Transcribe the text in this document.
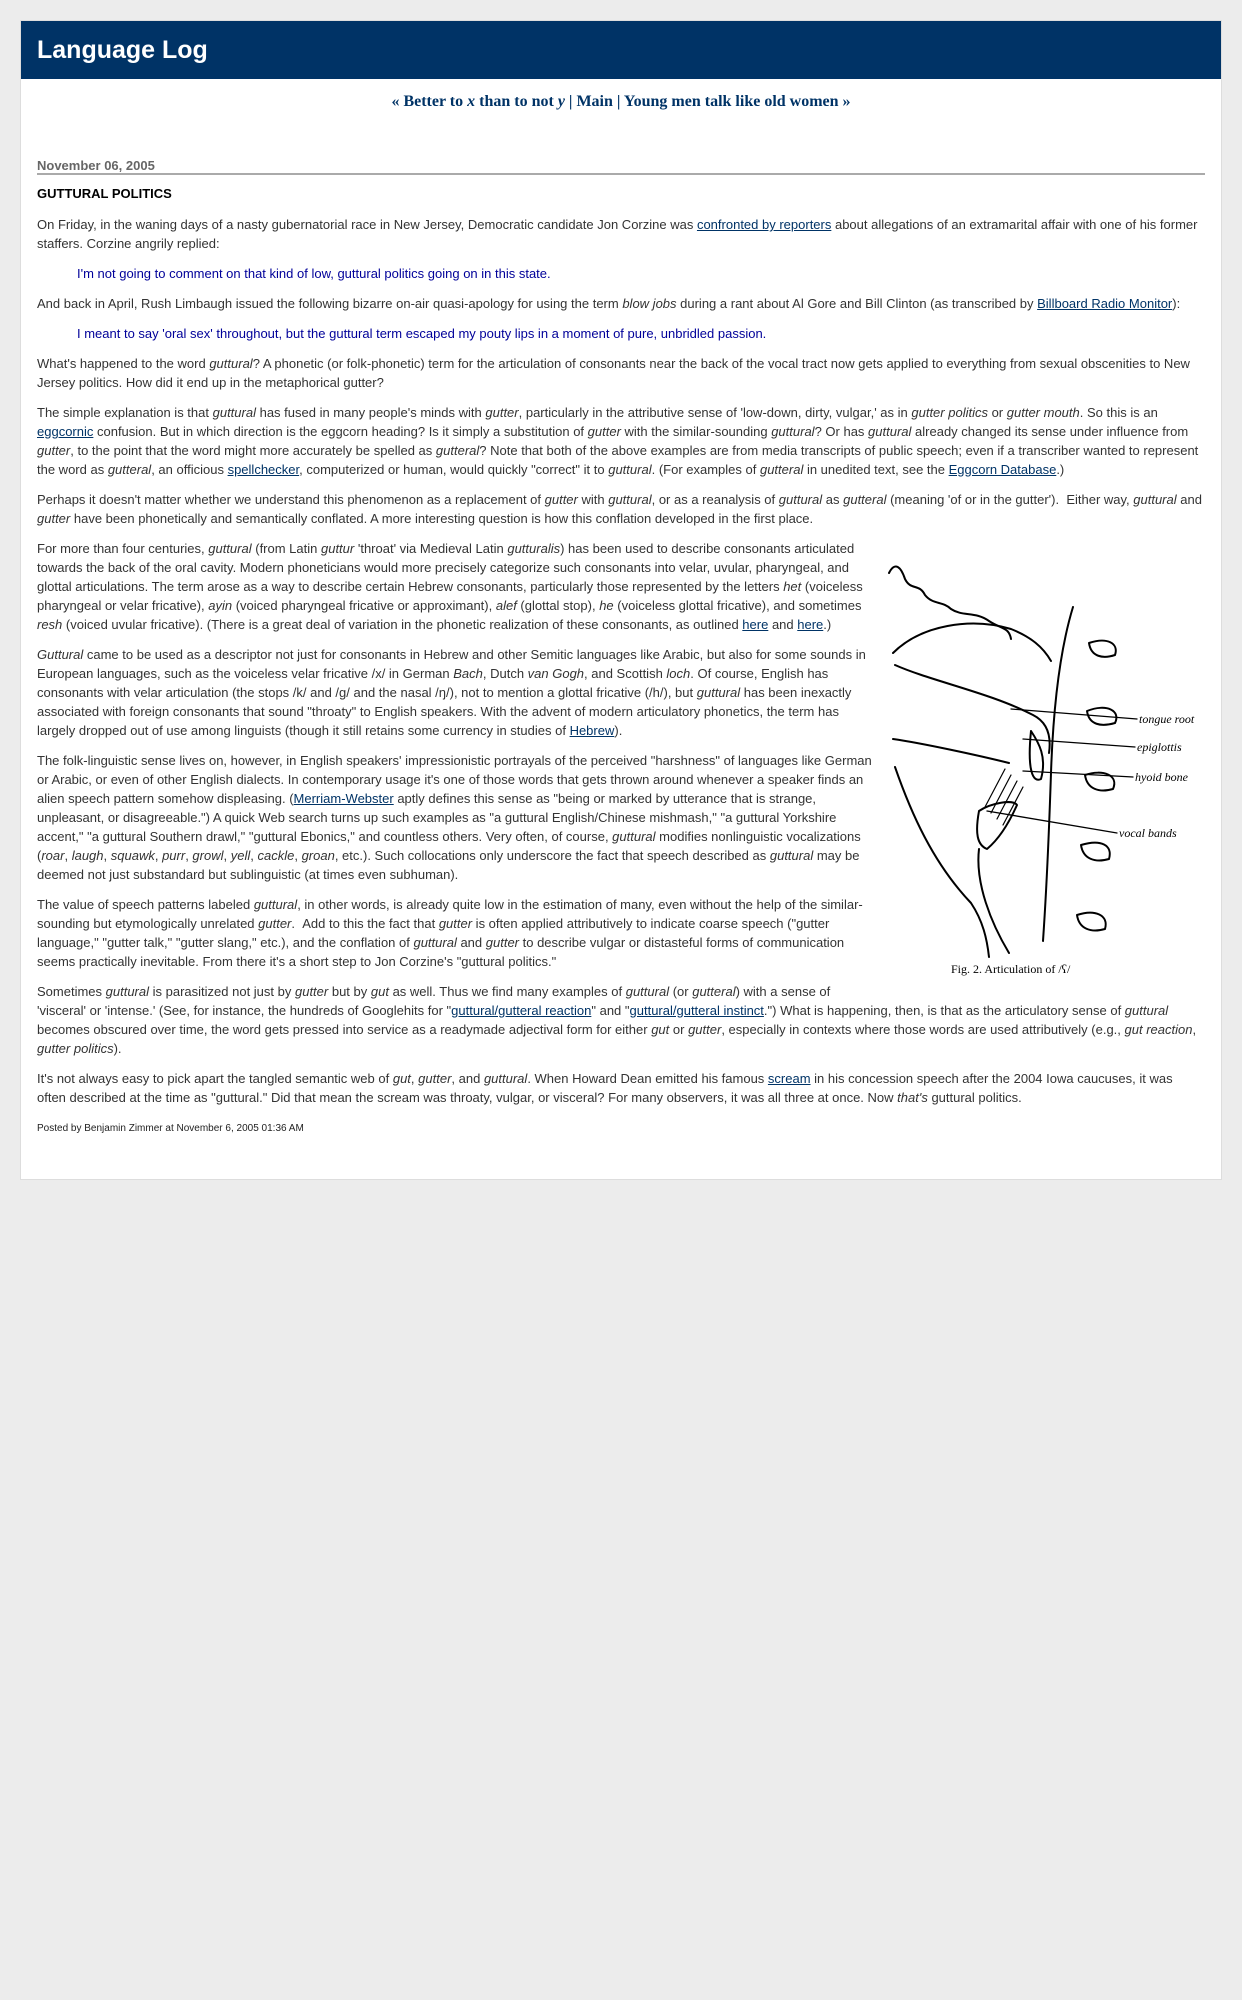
Language Log
« Better to x than to not y | Main | Young men talk like old women »
November 06, 2005
GUTTURAL POLITICS

On Friday, in the waning days of a nasty gubernatorial race in New Jersey, Democratic candidate Jon Corzine was confronted by reporters about allegations of an extramarital affair with one of his former staffers. Corzine angrily replied:

I'm not going to comment on that kind of low, guttural politics going on in this state.

And back in April, Rush Limbaugh issued the following bizarre on-air quasi-apology for using the term blow jobs during a rant about Al Gore and Bill Clinton (as transcribed by Billboard Radio Monitor):

I meant to say 'oral sex' throughout, but the guttural term escaped my pouty lips in a moment of pure, unbridled passion.

What's happened to the word guttural? A phonetic (or folk-phonetic) term for the articulation of consonants near the back of the vocal tract now gets applied to everything from sexual obscenities to New Jersey politics. How did it end up in the metaphorical gutter?

The simple explanation is that guttural has fused in many people's minds with gutter, particularly in the attributive sense of 'low-down, dirty, vulgar,' as in gutter politics or gutter mouth. So this is an eggcornic confusion. But in which direction is the eggcorn heading? Is it simply a substitution of gutter with the similar-sounding guttural? Or has guttural already changed its sense under influence from gutter, to the point that the word might more accurately be spelled as gutteral? Note that both of the above examples are from media transcripts of public speech; even if a transcriber wanted to represent the word as gutteral, an officious spellchecker, computerized or human, would quickly "correct" it to guttural. (For examples of gutteral in unedited text, see the Eggcorn Database.)

Perhaps it doesn't matter whether we understand this phenomenon as a replacement of gutter with guttural, or as a reanalysis of guttural as gutteral (meaning 'of or in the gutter').  Either way, guttural and gutter have been phonetically and semantically conflated. A more interesting question is how this conflation developed in the first place.

tongue root
epiglottis
hyoid bone
vocal bands
Fig. 2. Articulation of /ʕ/

For more than four centuries, guttural (from Latin guttur 'throat' via Medieval Latin gutturalis) has been used to describe consonants articulated towards the back of the oral cavity. Modern phoneticians would more precisely categorize such consonants into velar, uvular, pharyngeal, and glottal articulations. The term arose as a way to describe certain Hebrew consonants, particularly those represented by the letters het (voiceless pharyngeal or velar fricative), ayin (voiced pharyngeal fricative or approximant), alef (glottal stop), he (voiceless glottal fricative), and sometimes resh (voiced uvular fricative). (There is a great deal of variation in the phonetic realization of these consonants, as outlined here and here.)

Guttural came to be used as a descriptor not just for consonants in Hebrew and other Semitic languages like Arabic, but also for some sounds in European languages, such as the voiceless velar fricative /x/ in German Bach, Dutch van Gogh, and Scottish loch. Of course, English has consonants with velar articulation (the stops /k/ and /g/ and the nasal /ŋ/), not to mention a glottal fricative (/h/), but guttural has been inexactly associated with foreign consonants that sound "throaty" to English speakers. With the advent of modern articulatory phonetics, the term has largely dropped out of use among linguists (though it still retains some currency in studies of Hebrew).

The folk-linguistic sense lives on, however, in English speakers' impressionistic portrayals of the perceived "harshness" of languages like German or Arabic, or even of other English dialects. In contemporary usage it's one of those words that gets thrown around whenever a speaker finds an alien speech pattern somehow displeasing. (Merriam-Webster aptly defines this sense as "being or marked by utterance that is strange, unpleasant, or disagreeable.") A quick Web search turns up such examples as "a guttural English/Chinese mishmash," "a guttural Yorkshire accent," "a guttural Southern drawl," "guttural Ebonics," and countless others. Very often, of course, guttural modifies nonlinguistic vocalizations (roar, laugh, squawk, purr, growl, yell, cackle, groan, etc.). Such collocations only underscore the fact that speech described as guttural may be deemed not just substandard but sublinguistic (at times even subhuman).

The value of speech patterns labeled guttural, in other words, is already quite low in the estimation of many, even without the help of the similar-sounding but etymologically unrelated gutter.  Add to this the fact that gutter is often applied attributively to indicate coarse speech ("gutter language," "gutter talk," "gutter slang," etc.), and the conflation of guttural and gutter to describe vulgar or distasteful forms of communication seems practically inevitable. From there it's a short step to Jon Corzine's "guttural politics."

Sometimes guttural is parasitized not just by gutter but by gut as well. Thus we find many examples of guttural (or gutteral) with a sense of 'visceral' or 'intense.' (See, for instance, the hundreds of Googlehits for "guttural/gutteral reaction" and "guttural/gutteral instinct.") What is happening, then, is that as the articulatory sense of guttural becomes obscured over time, the word gets pressed into service as a readymade adjectival form for either gut or gutter, especially in contexts where those words are used attributively (e.g., gut reaction, gutter politics).

It's not always easy to pick apart the tangled semantic web of gut, gutter, and guttural. When Howard Dean emitted his famous scream in his concession speech after the 2004 Iowa caucuses, it was often described at the time as "guttural." Did that mean the scream was throaty, vulgar, or visceral? For many observers, it was all three at once. Now that's guttural politics.

Posted by Benjamin Zimmer at November 6, 2005 01:36 AM
